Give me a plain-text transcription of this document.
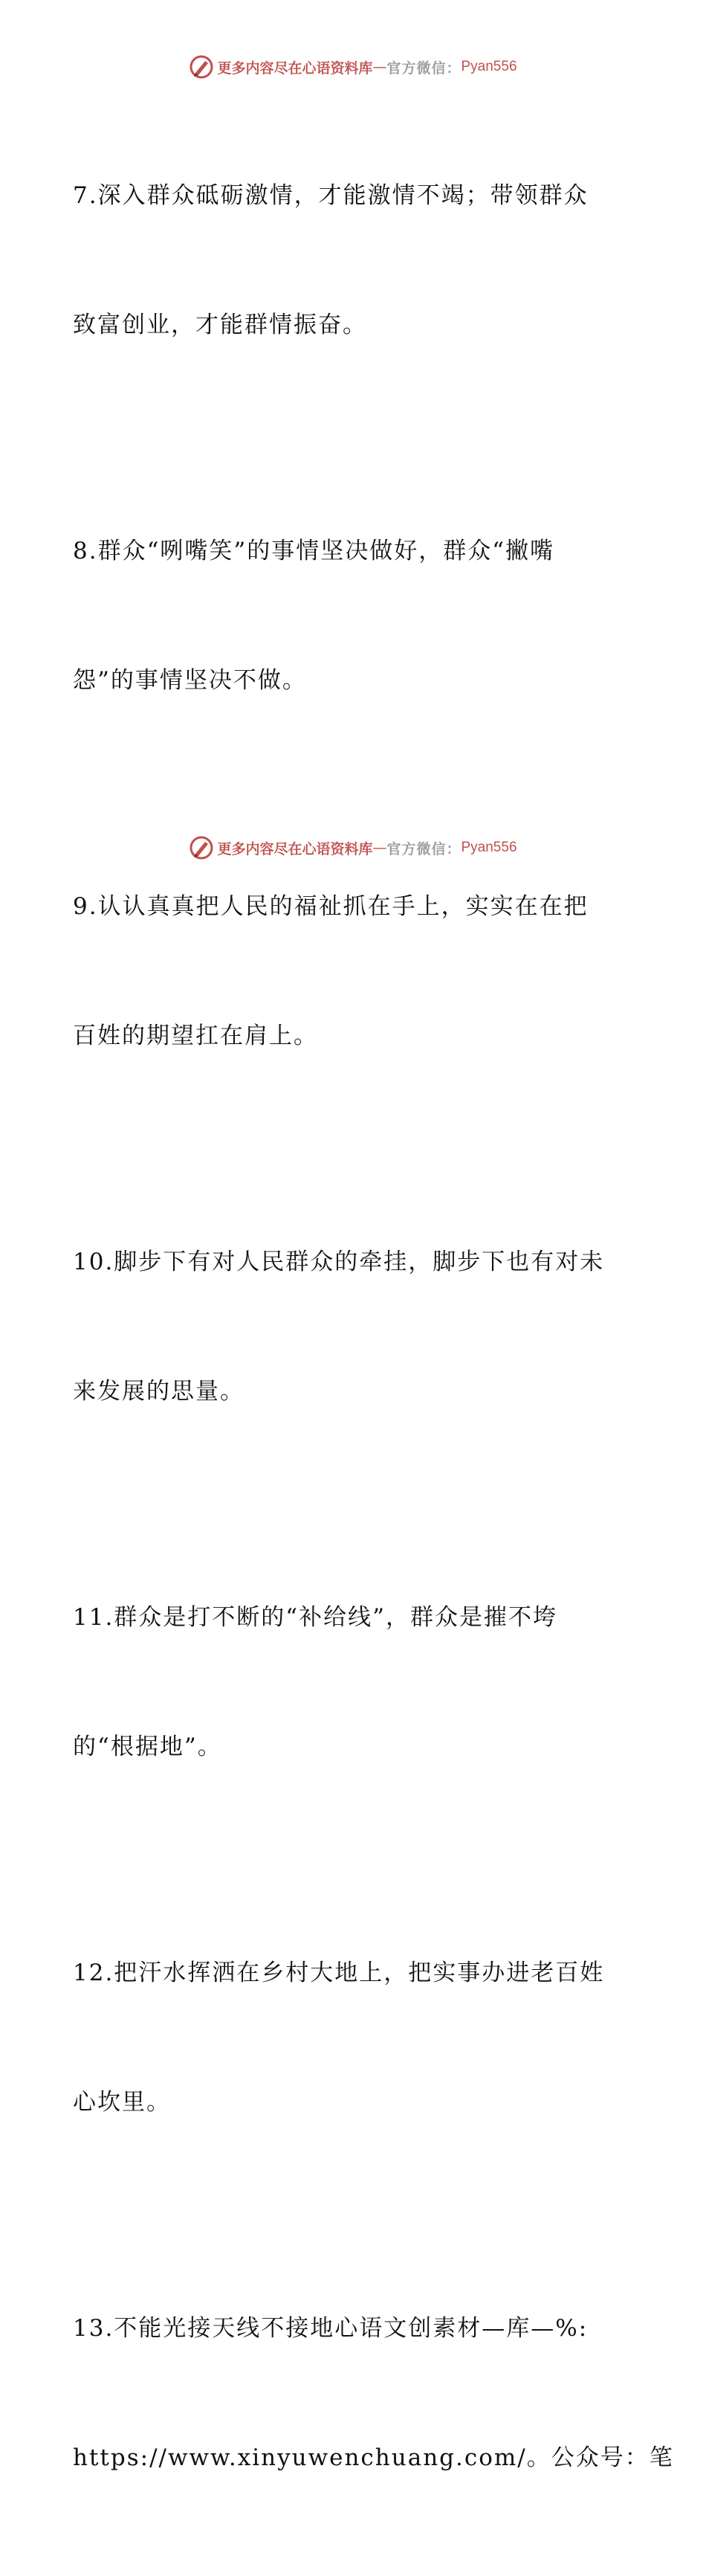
更多内容尽在心语资料库 — 官方微信： Pyan556

7.深入群众砥砺激情，才能激情不竭；带领群众

致富创业，才能群情振奋。

8.群众“咧嘴笑”的事情坚决做好，群众“撇嘴

怨”的事情坚决不做。

9.认认真真把人民的福祉抓在手上，实实在在把

百姓的期望扛在肩上。

10.脚步下有对人民群众的牵挂，脚步下也有对未

来发展的思量。

11.群众是打不断的“补给线”，群众是摧不垮

的“根据地”。

12.把汗水挥洒在乡村大地上，把实事办进老百姓

心坎里。

13.不能光接天线不接地心语文创素材—库—%:

https://www.xinyuwenchuang.com/。公众号：笔

更多内容尽在心语资料库 — 官方微信： Pyan556
